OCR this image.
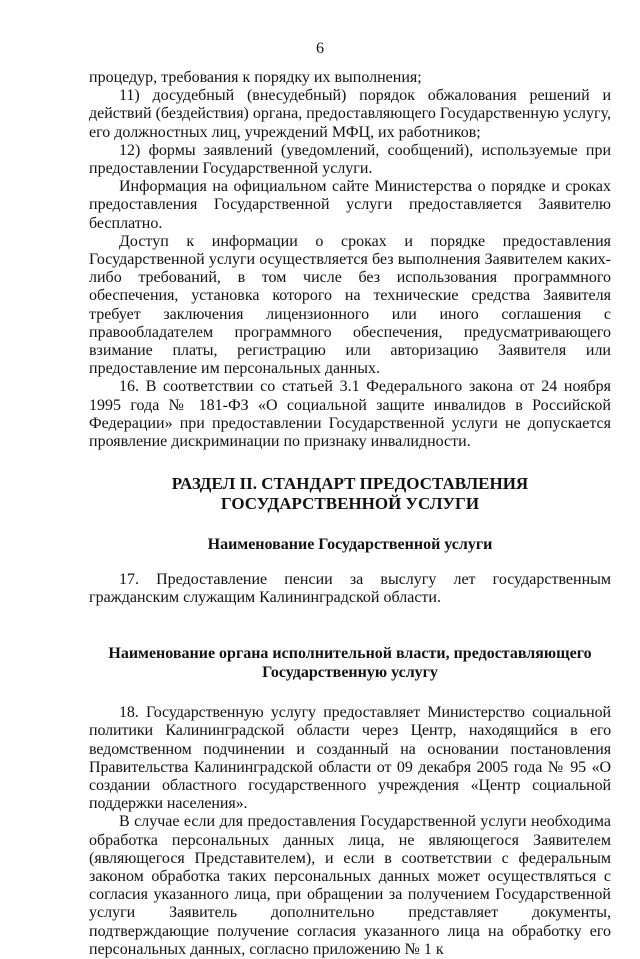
6

процедур, требования к порядку их выполнения;

11) досудебный (внесудебный) порядок обжалования решений и действий (бездействия) органа, предоставляющего Государственную услугу, его должностных лиц, учреждений МФЦ, их работников;

12) формы заявлений (уведомлений, сообщений), используемые при предоставлении Государственной услуги.

Информация на официальном сайте Министерства о порядке и сроках предоставления Государственной услуги предоставляется Заявителю бесплатно.

Доступ к информации о сроках и порядке предоставления Государственной услуги осуществляется без выполнения Заявителем каких-либо требований, в том числе без использования программного обеспечения, установка которого на технические средства Заявителя требует заключения лицензионного или иного соглашения с правообладателем программного обеспечения, предусматривающего взимание платы, регистрацию или авторизацию Заявителя или предоставление им персональных данных.

16. В соответствии со статьей 3.1 Федерального закона от 24 ноября 1995 года № 181-ФЗ «О социальной защите инвалидов в Российской Федерации» при предоставлении Государственной услуги не допускается проявление дискриминации по признаку инвалидности.

РАЗДЕЛ II. СТАНДАРТ ПРЕДОСТАВЛЕНИЯ ГОСУДАРСТВЕННОЙ УСЛУГИ

Наименование Государственной услуги

17. Предоставление пенсии за выслугу лет государственным гражданским служащим Калининградской области.

Наименование органа исполнительной власти, предоставляющего Государственную услугу

18. Государственную услугу предоставляет Министерство социальной политики Калининградской области через Центр, находящийся в его ведомственном подчинении и созданный на основании постановления Правительства Калининградской области от 09 декабря 2005 года № 95 «О создании областного государственного учреждения «Центр социальной поддержки населения».

В случае если для предоставления Государственной услуги необходима обработка персональных данных лица, не являющегося Заявителем (являющегося Представителем), и если в соответствии с федеральным законом обработка таких персональных данных может осуществляться с согласия указанного лица, при обращении за получением Государственной услуги Заявитель дополнительно представляет документы, подтверждающие получение согласия указанного лица на обработку его персональных данных, согласно приложению № 1 к
